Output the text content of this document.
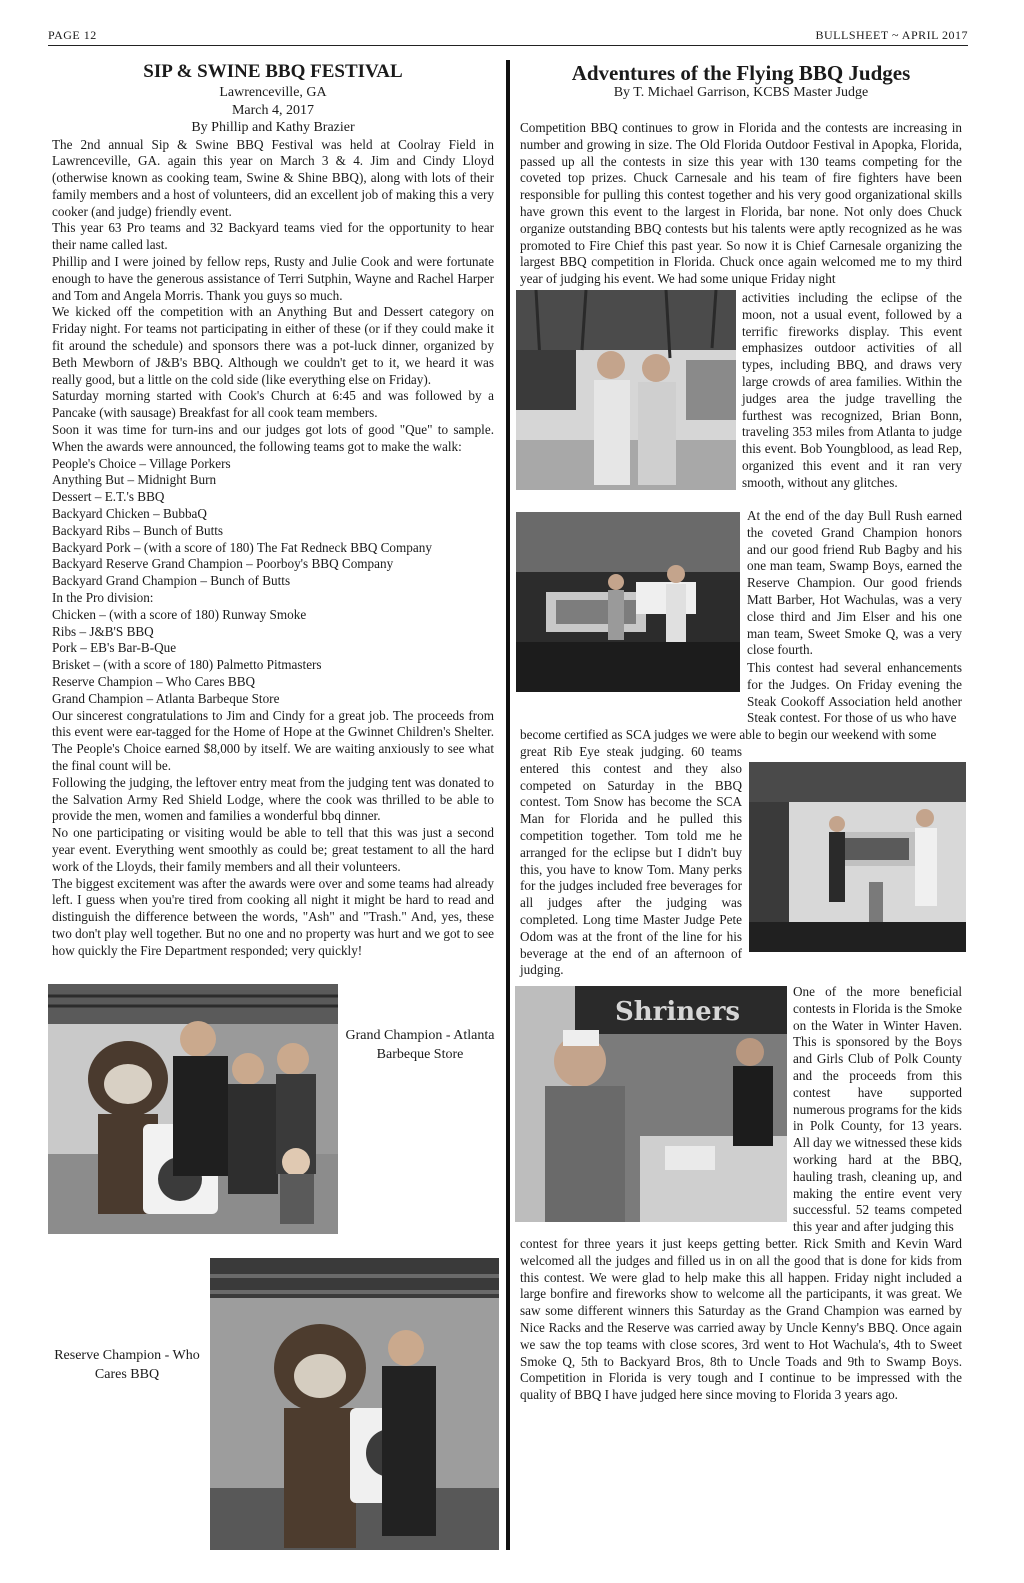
PAGE 12	BULLSHEET ~ APRIL 2017
SIP & SWINE BBQ FESTIVAL
Lawrenceville, GA
March 4, 2017
By Phillip and Kathy Brazier

The 2nd annual Sip & Swine BBQ Festival was held at Coolray Field in Lawrenceville, GA. again this year on March 3 & 4. Jim and Cindy Lloyd (otherwise known as cooking team, Swine & Shine BBQ), along with lots of their family members and a host of volunteers, did an excellent job of making this a very cooker (and judge) friendly event.

This year 63 Pro teams and 32 Backyard teams vied for the opportunity to hear their name called last.

Phillip and I were joined by fellow reps, Rusty and Julie Cook and were fortunate enough to have the generous assistance of Terri Sutphin, Wayne and Rachel Harper and Tom and Angela Morris. Thank you guys so much.

We kicked off the competition with an Anything But and Dessert category on Friday night. For teams not participating in either of these (or if they could make it fit around the schedule) and sponsors there was a pot-luck dinner, organized by Beth Mewborn of J&B's BBQ. Although we couldn't get to it, we heard it was really good, but a little on the cold side (like everything else on Friday).

Saturday morning started with Cook's Church at 6:45 and was followed by a Pancake (with sausage) Breakfast for all cook team members.

Soon it was time for turn-ins and our judges got lots of good "Que" to sample. When the awards were announced, the following teams got to make the walk:

People's Choice – Village Porkers

Anything But – Midnight Burn

Dessert – E.T.'s BBQ

Backyard Chicken – BubbaQ

Backyard Ribs – Bunch of Butts

Backyard Pork – (with a score of 180) The Fat Redneck BBQ Company

Backyard Reserve Grand Champion – Poorboy's BBQ Company

Backyard Grand Champion – Bunch of Butts

In the Pro division:

Chicken – (with a score of 180) Runway Smoke

Ribs – J&B'S BBQ

Pork – EB's Bar-B-Que

Brisket – (with a score of 180) Palmetto Pitmasters

Reserve Champion – Who Cares BBQ

Grand Champion – Atlanta Barbeque Store

Our sincerest congratulations to Jim and Cindy for a great job. The proceeds from this event were ear-tagged for the Home of Hope at the Gwinnet Children's Shelter. The People's Choice earned $8,000 by itself. We are waiting anxiously to see what the final count will be.

Following the judging, the leftover entry meat from the judging tent was donated to the Salvation Army Red Shield Lodge, where the cook was thrilled to be able to provide the men, women and families a wonderful bbq dinner.

No one participating or visiting would be able to tell that this was just a second year event. Everything went smoothly as could be; great testament to all the hard work of the Lloyds, their family members and all their volunteers.

The biggest excitement was after the awards were over and some teams had already left. I guess when you're tired from cooking all night it might be hard to read and distinguish the difference between the words, "Ash" and "Trash." And, yes, these two don't play well together. But no one and no property was hurt and we got to see how quickly the Fire Department responded; very quickly!

Grand Champion - Atlanta Barbeque Store
Reserve Champion - Who Cares BBQ
Adventures of the Flying BBQ Judges
By T. Michael Garrison, KCBS Master Judge
Competition BBQ continues to grow in Florida and the contests are increasing in number and growing in size. The Old Florida Outdoor Festival in Apopka, Florida, passed up all the contests in size this year with 130 teams competing for the coveted top prizes. Chuck Carnesale and his team of fire fighters have been responsible for pulling this contest together and his very good organizational skills have grown this event to the largest in Florida, bar none. Not only does Chuck organize outstanding BBQ contests but his talents were aptly recognized as he was promoted to Fire Chief this past year. So now it is Chief Carnesale organizing the largest BBQ competition in Florida. Chuck once again welcomed me to my third year of judging his event. We had some unique Friday night
activities including the eclipse of the moon, not a usual event, followed by a terrific fireworks display. This event emphasizes outdoor activities of all types, including BBQ, and draws very large crowds of area families. Within the judges area the judge travelling the furthest was recognized, Brian Bonn, traveling 353 miles from Atlanta to judge this event. Bob Youngblood, as lead Rep, organized this event and it ran very smooth, without any glitches.
At the end of the day Bull Rush earned the coveted Grand Champion honors and our good friend Rub Bagby and his one man team, Swamp Boys, earned the Reserve Champion. Our good friends Matt Barber, Hot Wachulas, was a very close third and Jim Elser and his one man team, Sweet Smoke Q, was a very close fourth.
This contest had several enhancements for the Judges. On Friday evening the Steak Cookoff Association held another Steak contest. For those of us who have
become certified as SCA judges we were able to begin our weekend with some
great Rib Eye steak judging. 60 teams entered this contest and they also competed on Saturday in the BBQ contest. Tom Snow has become the SCA Man for Florida and he pulled this competition together. Tom told me he arranged for the eclipse but I didn't buy this, you have to know Tom. Many perks for the judges included free beverages for all judges after the judging was completed. Long time Master Judge Pete Odom was at the front of the line for his beverage at the end of an afternoon of judging.
Shriners
One of the more beneficial contests in Florida is the Smoke on the Water in Winter Haven. This is sponsored by the Boys and Girls Club of Polk County and the proceeds from this contest have supported numerous programs for the kids in Polk County, for 13 years. All day we witnessed these kids working hard at the BBQ, hauling trash, cleaning up, and making the entire event very successful. 52 teams competed this year and after judging this
contest for three years it just keeps getting better. Rick Smith and Kevin Ward welcomed all the judges and filled us in on all the good that is done for kids from this contest. We were glad to help make this all happen. Friday night included a large bonfire and fireworks show to welcome all the participants, it was great. We saw some different winners this Saturday as the Grand Champion was earned by Nice Racks and the Reserve was carried away by Uncle Kenny's BBQ. Once again we saw the top teams with close scores, 3rd went to Hot Wachula's, 4th to Sweet Smoke Q, 5th to Backyard Bros, 8th to Uncle Toads and 9th to Swamp Boys. Competition in Florida is very tough and I continue to be impressed with the quality of BBQ I have judged here since moving to Florida 3 years ago.
